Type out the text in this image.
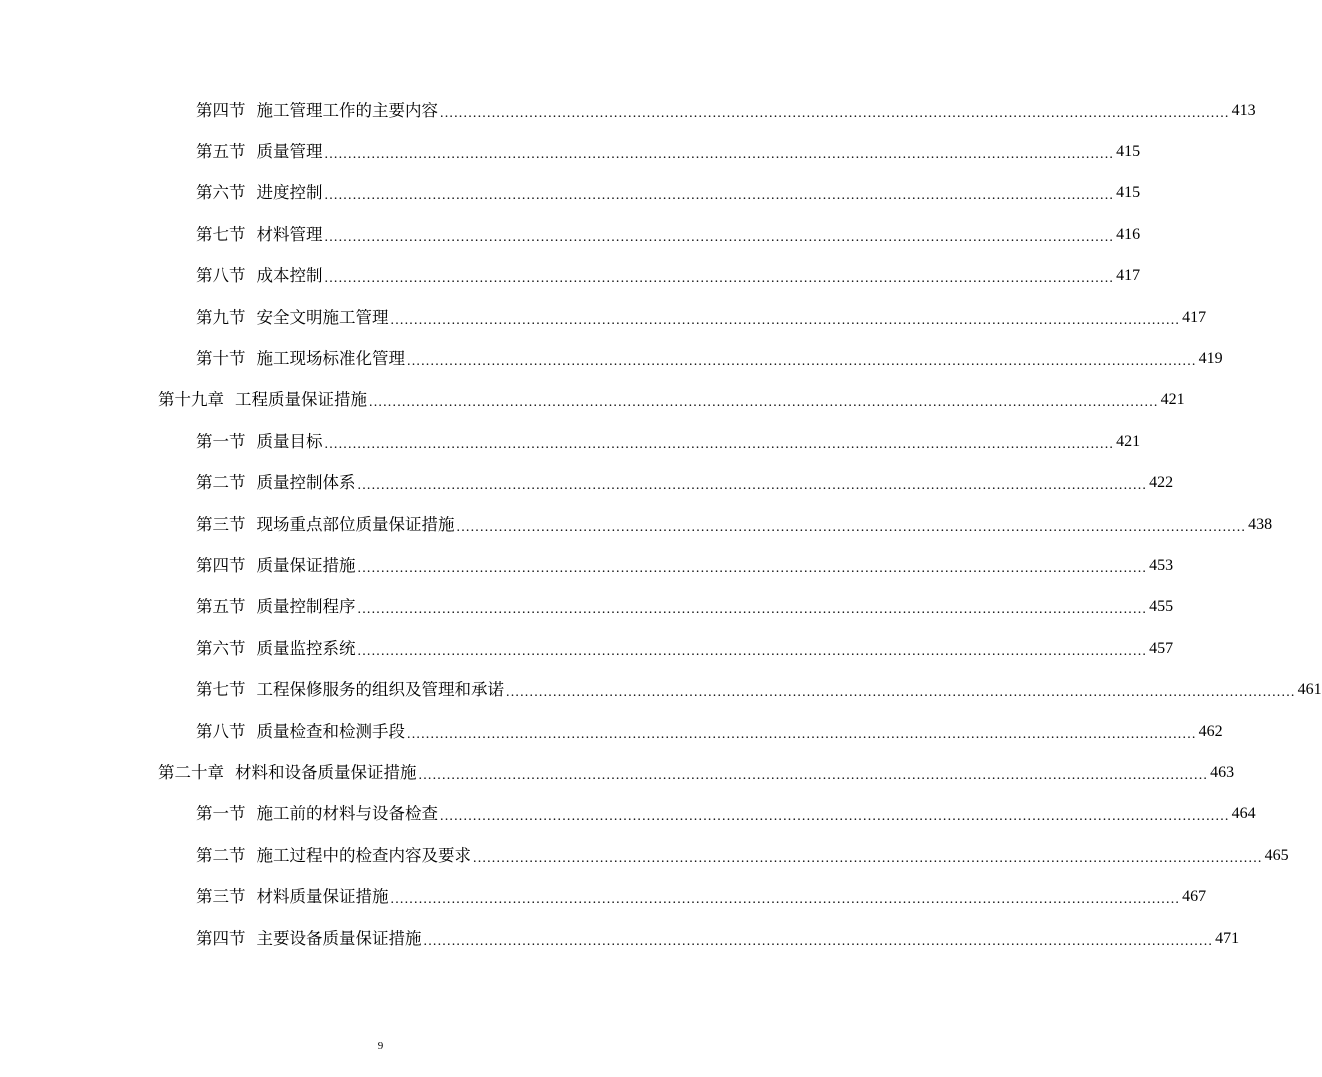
第四节 施工管理工作的主要内容 .....	413
第五节 质量管理 .....	415
第六节 进度控制 .....	415
第七节 材料管理 .....	416
第八节 成本控制 .....	417
第九节 安全文明施工管理 .....	417
第十节 施工现场标准化管理 .....	419
第十九章 工程质量保证措施 .....	421
第一节 质量目标 .....	421
第二节 质量控制体系 .....	422
第三节 现场重点部位质量保证措施 .....	438
第四节 质量保证措施 .....	453
第五节 质量控制程序 .....	455
第六节 质量监控系统 .....	457
第七节 工程保修服务的组织及管理和承诺 .....	461
第八节 质量检查和检测手段 .....	462
第二十章 材料和设备质量保证措施 .....	463
第一节 施工前的材料与设备检查 .....	464
第二节 施工过程中的检查内容及要求 .....	465
第三节 材料质量保证措施 .....	467
第四节 主要设备质量保证措施 .....	471
9
